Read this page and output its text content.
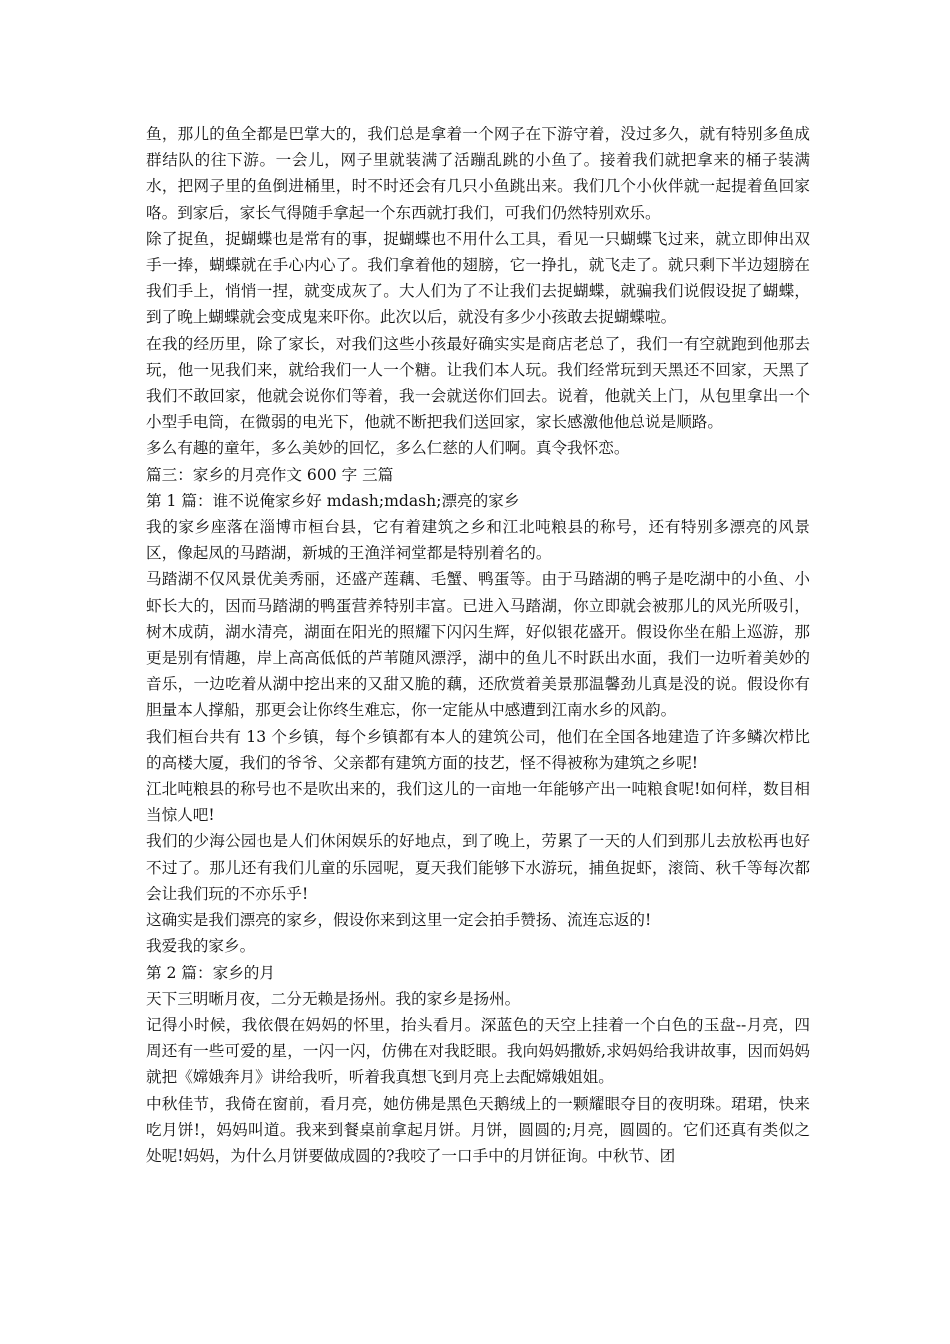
鱼，那儿的鱼全都是巴掌大的，我们总是拿着一个网子在下游守着，没过多久，就有特别多鱼成群结队的往下游。一会儿，网子里就装满了活蹦乱跳的小鱼了。接着我们就把拿来的桶子装满水，把网子里的鱼倒进桶里，时不时还会有几只小鱼跳出来。我们几个小伙伴就一起提着鱼回家咯。到家后，家长气得随手拿起一个东西就打我们，可我们仍然特别欢乐。

除了捉鱼，捉蝴蝶也是常有的事，捉蝴蝶也不用什么工具，看见一只蝴蝶飞过来，就立即伸出双手一捧，蝴蝶就在手心内心了。我们拿着他的翅膀，它一挣扎，就飞走了。就只剩下半边翅膀在我们手上，悄悄一捏，就变成灰了。大人们为了不让我们去捉蝴蝶，就骗我们说假设捉了蝴蝶，到了晚上蝴蝶就会变成鬼来吓你。此次以后，就没有多少小孩敢去捉蝴蝶啦。

在我的经历里，除了家长，对我们这些小孩最好确实实是商店老总了，我们一有空就跑到他那去玩，他一见我们来，就给我们一人一个糖。让我们本人玩。我们经常玩到天黑还不回家，天黑了我们不敢回家，他就会说你们等着，我一会就送你们回去。说着，他就关上门，从包里拿出一个小型手电筒，在微弱的电光下，他就不断把我们送回家，家长感激他他总说是顺路。

多么有趣的童年，多么美妙的回忆，多么仁慈的人们啊。真令我怀恋。

篇三：家乡的月亮作文 600 字 三篇

第 1 篇：谁不说俺家乡好 mdash;mdash;漂亮的家乡

我的家乡座落在淄博市桓台县，它有着建筑之乡和江北吨粮县的称号，还有特别多漂亮的风景区，像起凤的马踏湖，新城的王渔洋祠堂都是特别着名的。

马踏湖不仅风景优美秀丽，还盛产莲藕、毛蟹、鸭蛋等。由于马踏湖的鸭子是吃湖中的小鱼、小虾长大的，因而马踏湖的鸭蛋营养特别丰富。已进入马踏湖，你立即就会被那儿的风光所吸引，树木成荫，湖水清亮，湖面在阳光的照耀下闪闪生辉，好似银花盛开。假设你坐在船上巡游，那更是别有情趣，岸上高高低低的芦苇随风漂浮，湖中的鱼儿不时跃出水面，我们一边听着美妙的音乐，一边吃着从湖中挖出来的又甜又脆的藕，还欣赏着美景那温馨劲儿真是没的说。假设你有胆量本人撑船，那更会让你终生难忘，你一定能从中感遭到江南水乡的风韵。

我们桓台共有 13 个乡镇，每个乡镇都有本人的建筑公司，他们在全国各地建造了许多鳞次栉比的高楼大厦，我们的爷爷、父亲都有建筑方面的技艺，怪不得被称为建筑之乡呢!

江北吨粮县的称号也不是吹出来的，我们这儿的一亩地一年能够产出一吨粮食呢!如何样，数目相当惊人吧!

我们的少海公园也是人们休闲娱乐的好地点，到了晚上，劳累了一天的人们到那儿去放松再也好不过了。那儿还有我们儿童的乐园呢，夏天我们能够下水游玩，捕鱼捉虾，滚筒、秋千等每次都会让我们玩的不亦乐乎!

这确实是我们漂亮的家乡，假设你来到这里一定会拍手赞扬、流连忘返的!

我爱我的家乡。

第 2 篇：家乡的月

天下三明晰月夜，二分无赖是扬州。我的家乡是扬州。

记得小时候，我依偎在妈妈的怀里，抬头看月。深蓝色的天空上挂着一个白色的玉盘--月亮，四周还有一些可爱的星，一闪一闪，仿佛在对我眨眼。我向妈妈撒娇,求妈妈给我讲故事，因而妈妈就把《嫦娥奔月》讲给我听，听着我真想飞到月亮上去配嫦娥姐姐。

中秋佳节，我倚在窗前，看月亮，她仿佛是黑色天鹅绒上的一颗耀眼夺目的夜明珠。珺珺，快来吃月饼!，妈妈叫道。我来到餐桌前拿起月饼。月饼，圆圆的;月亮，圆圆的。它们还真有类似之处呢!妈妈，为什么月饼要做成圆的?我咬了一口手中的月饼征询。中秋节、团
